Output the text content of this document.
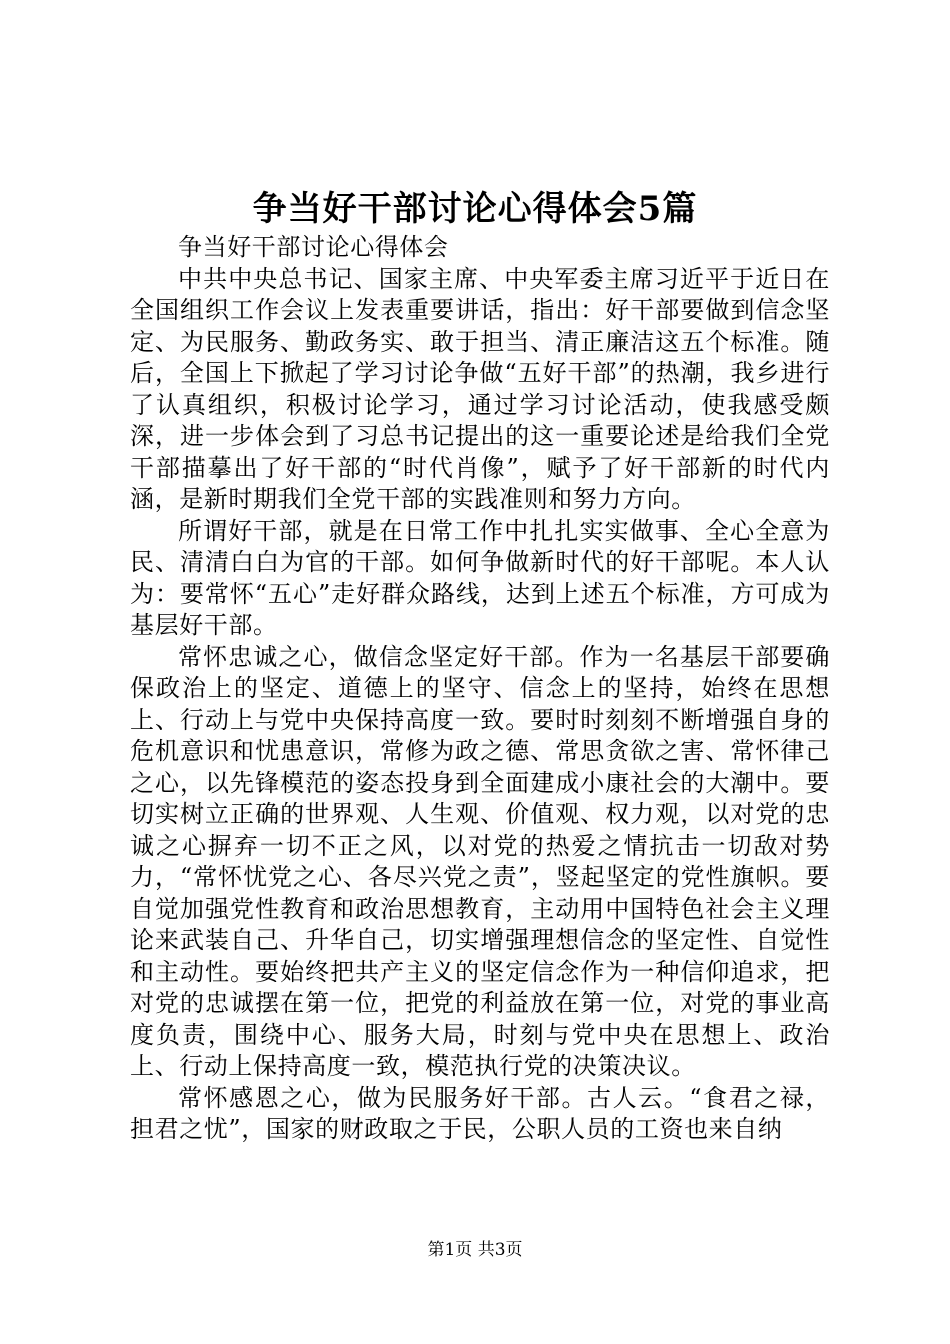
争当好干部讨论心得体会5篇

争当好干部讨论心得体会

中共中央总书记、国家主席、中央军委主席习近平于近日在全国组织工作会议上发表重要讲话，指出：好干部要做到信念坚定、为民服务、勤政务实、敢于担当、清正廉洁这五个标准。随后，全国上下掀起了学习讨论争做“五好干部”的热潮，我乡进行了认真组织，积极讨论学习，通过学习讨论活动，使我感受颇深，进一步体会到了习总书记提出的这一重要论述是给我们全党干部描摹出了好干部的“时代肖像”，赋予了好干部新的时代内涵，是新时期我们全党干部的实践准则和努力方向。

所谓好干部，就是在日常工作中扎扎实实做事、全心全意为民、清清白白为官的干部。如何争做新时代的好干部呢。本人认为：要常怀“五心”走好群众路线，达到上述五个标准，方可成为基层好干部。

常怀忠诚之心，做信念坚定好干部。作为一名基层干部要确保政治上的坚定、道德上的坚守、信念上的坚持，始终在思想上、行动上与党中央保持高度一致。要时时刻刻不断增强自身的危机意识和忧患意识，常修为政之德、常思贪欲之害、常怀律己之心，以先锋模范的姿态投身到全面建成小康社会的大潮中。要切实树立正确的世界观、人生观、价值观、权力观，以对党的忠诚之心摒弃一切不正之风，以对党的热爱之情抗击一切敌对势力，“常怀忧党之心、各尽兴党之责”，竖起坚定的党性旗帜。要自觉加强党性教育和政治思想教育，主动用中国特色社会主义理论来武装自己、升华自己，切实增强理想信念的坚定性、自觉性和主动性。要始终把共产主义的坚定信念作为一种信仰追求，把对党的忠诚摆在第一位，把党的利益放在第一位，对党的事业高度负责，围绕中心、服务大局，时刻与党中央在思想上、政治上、行动上保持高度一致，模范执行党的决策决议。

常怀感恩之心，做为民服务好干部。古人云。“食君之禄，担君之忧”，国家的财政取之于民，公职人员的工资也来自纳

第1页 共3页
